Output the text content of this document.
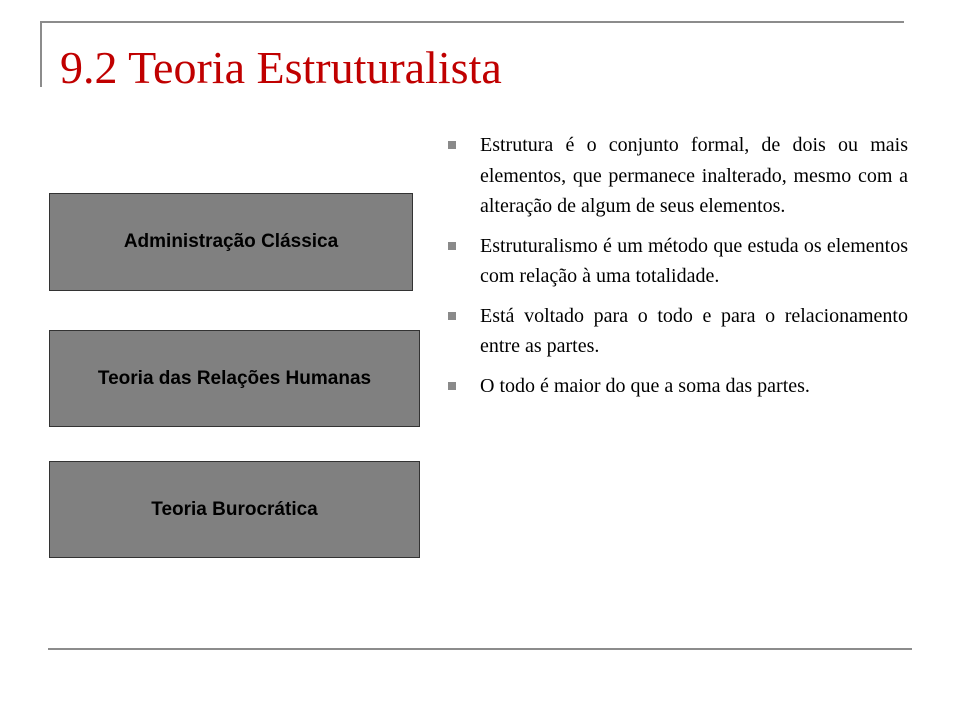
9.2 Teoria Estruturalista
Administração Clássica
Teoria das Relações Humanas
Teoria Burocrática
Estrutura é o conjunto formal, de dois ou mais elementos, que permanece inalterado, mesmo com a alteração de algum de seus elementos.
Estruturalismo é um método que estuda os elementos com relação à uma totalidade.
Está voltado para o todo e para o relacionamento entre as partes.
O todo é maior do que a soma das partes.
